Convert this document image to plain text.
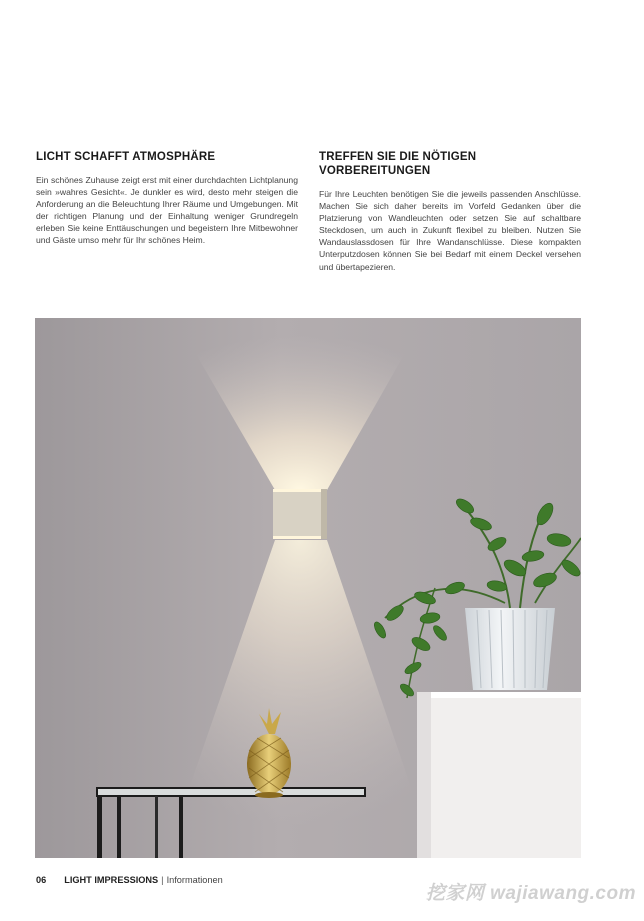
LICHT SCHAFFT ATMOSPHÄRE

Ein schönes Zuhause zeigt erst mit einer durchdachten Lichtplanung sein »wahres Gesicht«. Je dunkler es wird, desto mehr steigen die Anforderung an die Beleuchtung Ihrer Räume und Umgebungen. Mit der richtigen Planung und der Einhaltung weniger Grundregeln erleben Sie keine Enttäuschungen und begeistern Ihre Mitbewohner und Gäste umso mehr für Ihr schönes Heim.

TREFFEN SIE DIE NÖTIGEN VORBEREITUNGEN

Für Ihre Leuchten benötigen Sie die jeweils passenden Anschlüsse. Machen Sie sich daher bereits im Vorfeld Gedanken über die Platzierung von Wandleuchten oder setzen Sie auf schaltbare Steckdosen, um auch in Zukunft flexibel zu bleiben. Nutzen Sie Wandauslassdosen für Ihre Wandanschlüsse. Diese kompakten Unterputzdosen können Sie bei Bedarf mit einem Deckel versehen und übertapezieren.

06 LIGHT IMPRESSIONS | Informationen
挖家网 wajiawang.com
